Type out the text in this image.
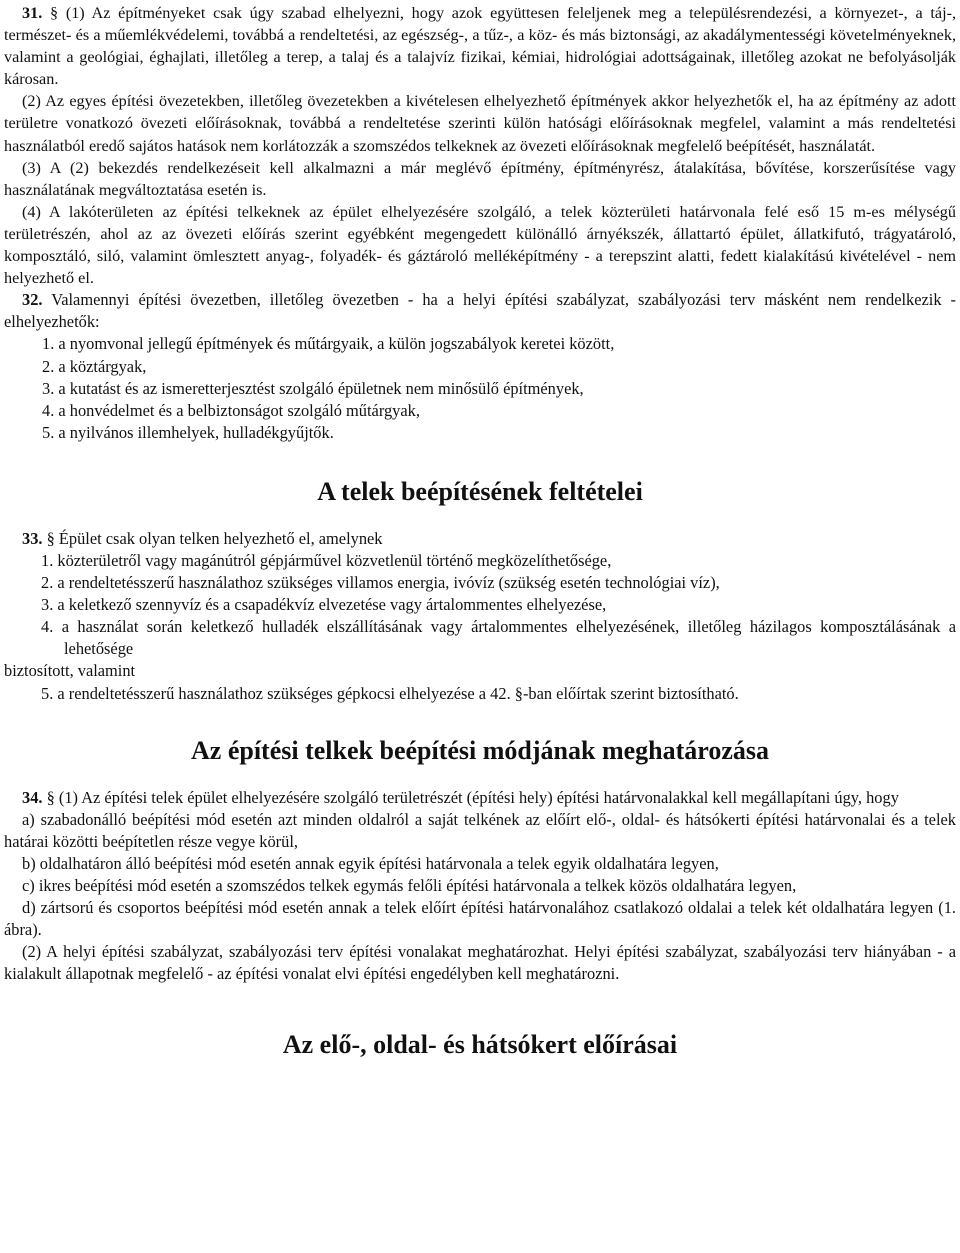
31. § (1) Az építményeket csak úgy szabad elhelyezni, hogy azok együttesen feleljenek meg a településrendezési, a környezet-, a táj-, természet- és a műemlékvédelemi, továbbá a rendeltetési, az egészség-, a tűz-, a köz- és más biztonsági, az akadálymentességi követelményeknek, valamint a geológiai, éghajlati, illetőleg a terep, a talaj és a talajvíz fizikai, kémiai, hidrológiai adottságainak, illetőleg azokat ne befolyásolják károsan.

(2) Az egyes építési övezetekben, illetőleg övezetekben a kivételesen elhelyezhető építmények akkor helyezhetők el, ha az építmény az adott területre vonatkozó övezeti előírásoknak, továbbá a rendeltetése szerinti külön hatósági előírásoknak megfelel, valamint a más rendeltetési használatból eredő sajátos hatások nem korlátozzák a szomszédos telkeknek az övezeti előírásoknak megfelelő beépítését, használatát.

(3) A (2) bekezdés rendelkezéseit kell alkalmazni a már meglévő építmény, építményrész, átalakítása, bővítése, korszerűsítése vagy használatának megváltoztatása esetén is.

(4) A lakóterületen az építési telkeknek az épület elhelyezésére szolgáló, a telek közterületi határvonala felé eső 15 m-es mélységű területrészén, ahol az az övezeti előírás szerint egyébként megengedett különálló árnyékszék, állattartó épület, állatkifutó, trágyatároló, komposztáló, siló, valamint ömlesztett anyag-, folyadék- és gáztároló melléképítmény - a terepszint alatti, fedett kialakítású kivételével - nem helyezhető el.

32. Valamennyi építési övezetben, illetőleg övezetben - ha a helyi építési szabályzat, szabályozási terv másként nem rendelkezik - elhelyezhetők:

1. a nyomvonal jellegű építmények és műtárgyaik, a külön jogszabályok keretei között,

2. a köztárgyak,

3. a kutatást és az ismeretterjesztést szolgáló épületnek nem minősülő építmények,

4. a honvédelmet és a belbiztonságot szolgáló műtárgyak,

5. a nyilvános illemhelyek, hulladékgyűjtők.

A telek beépítésének feltételei

33. § Épület csak olyan telken helyezhető el, amelynek

1. közterületről vagy magánútról gépjárművel közvetlenül történő megközelíthetősége,

2. a rendeltetésszerű használathoz szükséges villamos energia, ivóvíz (szükség esetén technológiai víz),

3. a keletkező szennyvíz és a csapadékvíz elvezetése vagy ártalommentes elhelyezése,

4. a használat során keletkező hulladék elszállításának vagy ártalommentes elhelyezésének, illetőleg házilagos komposztálásának a lehetősége

biztosított, valamint

5. a rendeltetésszerű használathoz szükséges gépkocsi elhelyezése a 42. §-ban előírtak szerint biztosítható.

Az építési telkek beépítési módjának meghatározása

34. § (1) Az építési telek épület elhelyezésére szolgáló területrészét (építési hely) építési határvonalakkal kell megállapítani úgy, hogy

a) szabadonálló beépítési mód esetén azt minden oldalról a saját telkének az előírt elő-, oldal- és hátsókerti építési határvonalai és a telek határai közötti beépítetlen része vegye körül,

b) oldalhatáron álló beépítési mód esetén annak egyik építési határvonala a telek egyik oldalhatára legyen,

c) ikres beépítési mód esetén a szomszédos telkek egymás felőli építési határvonala a telkek közös oldalhatára legyen,

d) zártsorú és csoportos beépítési mód esetén annak a telek előírt építési határvonalához csatlakozó oldalai a telek két oldalhatára legyen (1. ábra).

(2) A helyi építési szabályzat, szabályozási terv építési vonalakat meghatározhat. Helyi építési szabályzat, szabályozási terv hiányában - a kialakult állapotnak megfelelő - az építési vonalat elvi építési engedélyben kell meghatározni.

Az elő-, oldal- és hátsókert előírásai
